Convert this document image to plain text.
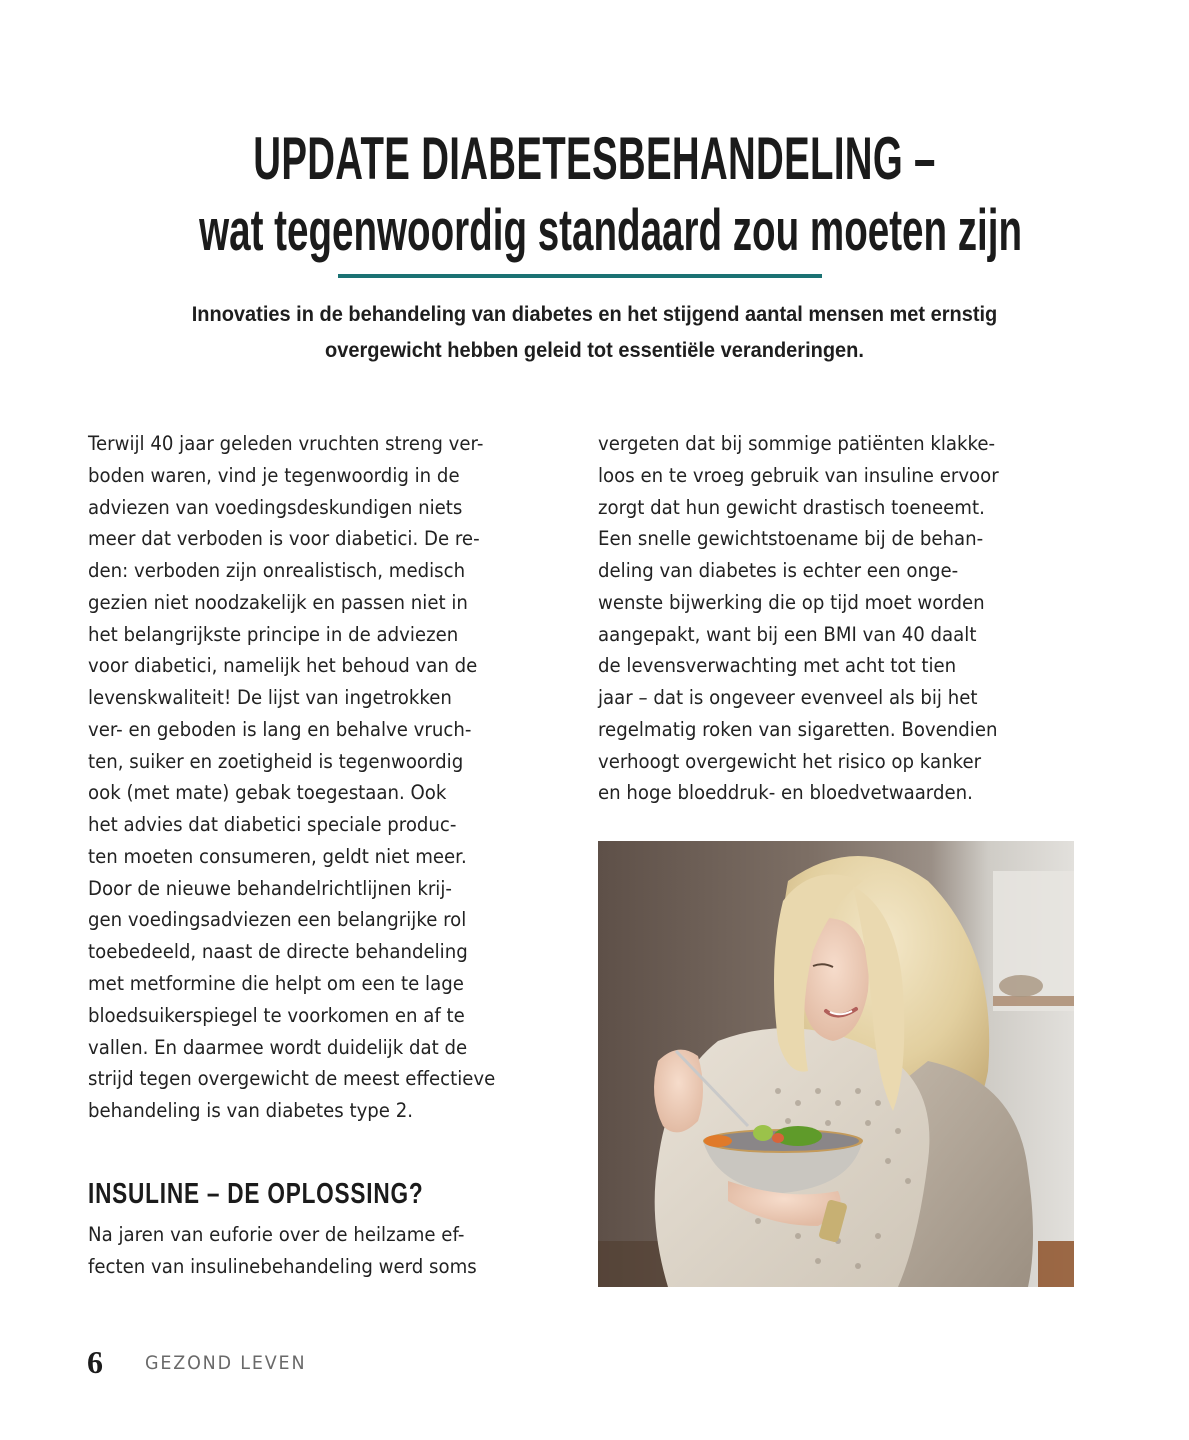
UPDATE DIABETESBEHANDELING –
wat tegenwoordig standaard zou moeten zijn
Innovaties in de behandeling van diabetes en het stijgend aantal mensen met ernstig
overgewicht hebben geleid tot essentiële veranderingen.
Terwijl 40 jaar geleden vruchten streng ver-
boden waren, vind je tegenwoordig in de
adviezen van voedingsdeskundigen niets
meer dat verboden is voor diabetici. De re-
den: verboden zijn onrealistisch, medisch
gezien niet noodzakelijk en passen niet in
het belangrijkste principe in de adviezen
voor diabetici, namelijk het behoud van de
levenskwaliteit! De lijst van ingetrokken
ver- en geboden is lang en behalve vruch-
ten, suiker en zoetigheid is tegenwoordig
ook (met mate) gebak toegestaan. Ook
het advies dat diabetici speciale produc-
ten moeten consumeren, geldt niet meer.
Door de nieuwe behandelrichtlijnen krij-
gen voedingsadviezen een belangrijke rol
toebedeeld, naast de directe behandeling
met metformine die helpt om een te lage
bloedsuikerspiegel te voorkomen en af te
vallen. En daarmee wordt duidelijk dat de
strijd tegen overgewicht de meest effectieve
behandeling is van diabetes type 2.
INSULINE – DE OPLOSSING?
Na jaren van euforie over de heilzame ef-
fecten van insulinebehandeling werd soms
vergeten dat bij sommige patiënten klakke-
loos en te vroeg gebruik van insuline ervoor
zorgt dat hun gewicht drastisch toeneemt.
Een snelle gewichtstoename bij de behan-
deling van diabetes is echter een onge-
wenste bijwerking die op tijd moet worden
aangepakt, want bij een BMI van 40 daalt
de levensverwachting met acht tot tien
jaar – dat is ongeveer evenveel als bij het
regelmatig roken van sigaretten. Bovendien
verhoogt overgewicht het risico op kanker
en hoge bloeddruk- en bloedvetwaarden.
6 GEZOND LEVEN
